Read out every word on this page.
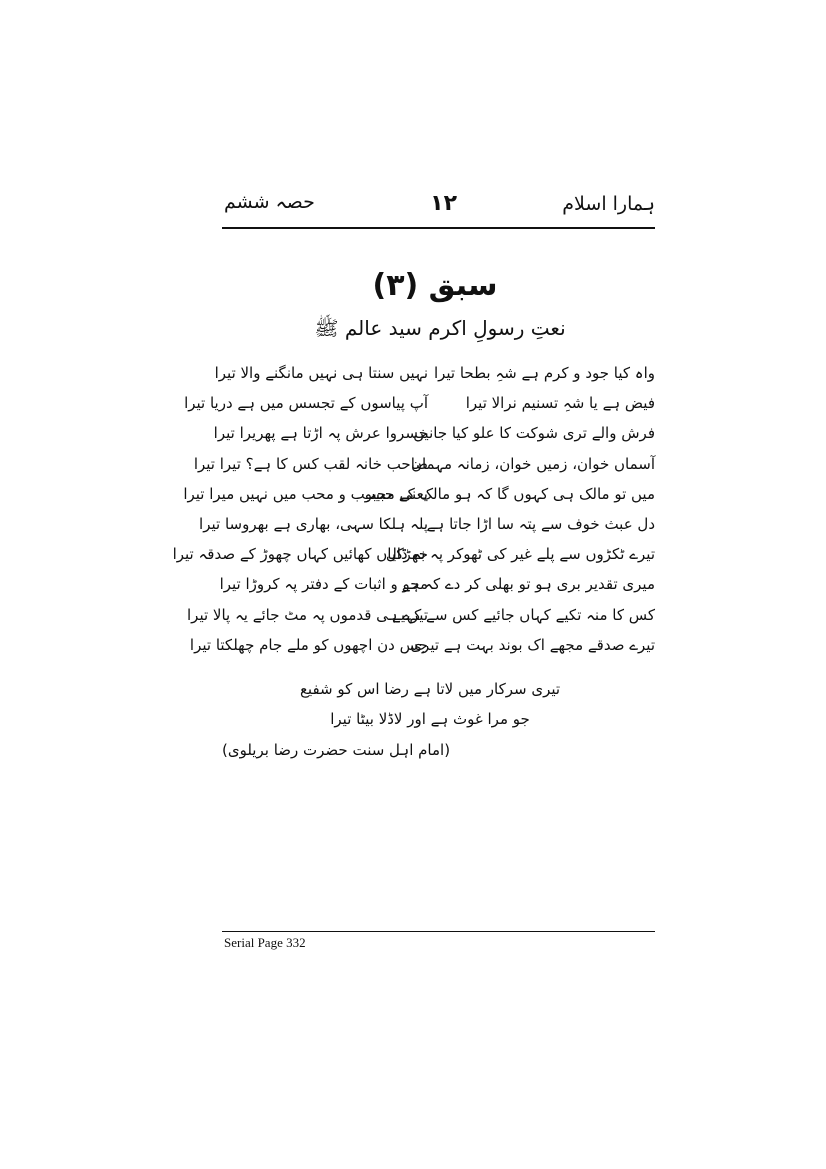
ہمارا اسلام
۱۲
حصہ ششم
سبق (۳)
نعتِ رسولِ اکرم سید عالم ﷺ
واہ کیا جود و کرم ہے شہِ بطحا تیرا
نہیں سنتا ہی نہیں مانگنے والا تیرا
فیض ہے یا شہِ تسنیم نرالا تیرا
آپ پیاسوں کے تجسس میں ہے دریا تیرا
فرش والے تری شوکت کا علو کیا جانیں
خسروا عرش پہ اڑتا ہے پھریرا تیرا
آسماں خوان، زمیں خوان، زمانہ مہمان
صاحب خانہ لقب کس کا ہے؟ تیرا تیرا
میں تو مالک ہی کہوں گا کہ ہو مالک کے حبیب
یعنی محبوب و محب میں نہیں میرا تیرا
دل عبث خوف سے پتہ سا اڑا جاتا ہے
پلہ ہلکا سہی، بھاری ہے بھروسا تیرا
تیرے ٹکڑوں سے پلے غیر کی ٹھوکر پہ نہ ڈال
جھڑکیاں کھائیں کہاں چھوڑ کے صدقہ تیرا
میری تقدیر بری ہو تو بھلی کر دے کہ ہے
محو و اثبات کے دفتر پہ کروڑا تیرا
کس کا منہ تکیے کہاں جائیے کس سے کہیے
تیرے ہی قدموں پہ مٹ جائے یہ پالا تیرا
تیرے صدقے مجھے اک بوند بہت ہے تیری
جس دن اچھوں کو ملے جام چھلکتا تیرا
تیری سرکار میں لاتا ہے رضا اس کو شفیع
جو مرا غوث ہے اور لاڈلا بیٹا تیرا
(امام اہل سنت حضرت رضا بریلوی)
Serial Page 332
